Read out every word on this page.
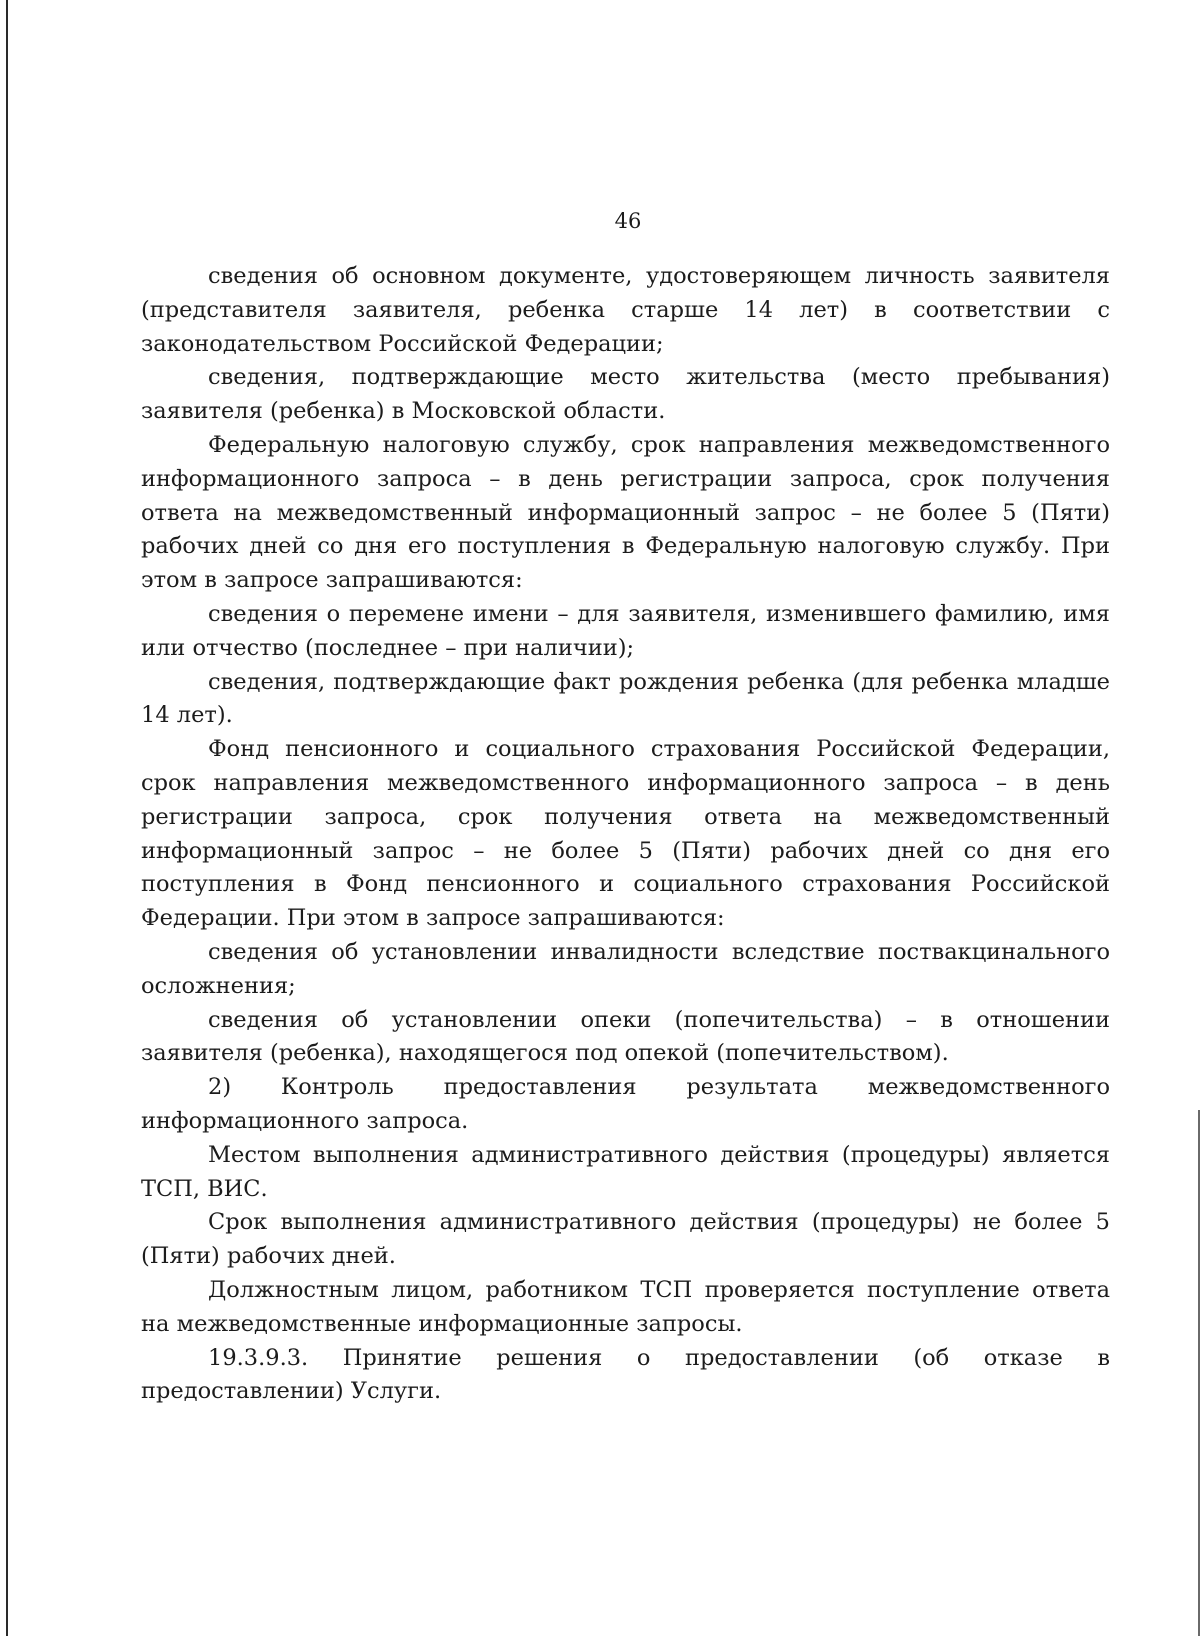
46

сведения об основном документе, удостоверяющем личность заявителя (представителя заявителя, ребенка старше 14 лет) в соответствии с законодательством Российской Федерации;

сведения, подтверждающие место жительства (место пребывания) заявителя (ребенка) в Московской области.

Федеральную налоговую службу, срок направления межведомственного информационного запроса – в день регистрации запроса, срок получения ответа на межведомственный информационный запрос – не более 5 (Пяти) рабочих дней со дня его поступления в Федеральную налоговую службу. При этом в запросе запрашиваются:

сведения о перемене имени – для заявителя, изменившего фамилию, имя или отчество (последнее – при наличии);

сведения, подтверждающие факт рождения ребенка (для ребенка младше 14 лет).

Фонд пенсионного и социального страхования Российской Федерации, срок направления межведомственного информационного запроса – в день регистрации запроса, срок получения ответа на межведомственный информационный запрос – не более 5 (Пяти) рабочих дней со дня его поступления в Фонд пенсионного и социального страхования Российской Федерации. При этом в запросе запрашиваются:

сведения об установлении инвалидности вследствие поствакцинального осложнения;

сведения об установлении опеки (попечительства) – в отношении заявителя (ребенка), находящегося под опекой (попечительством).

2) Контроль предоставления результата межведомственного информационного запроса.

Местом выполнения административного действия (процедуры) является ТСП, ВИС.

Срок выполнения административного действия (процедуры) не более 5 (Пяти) рабочих дней.

Должностным лицом, работником ТСП проверяется поступление ответа на межведомственные информационные запросы.

19.3.9.3. Принятие решения о предоставлении (об отказе в предоставлении) Услуги.
